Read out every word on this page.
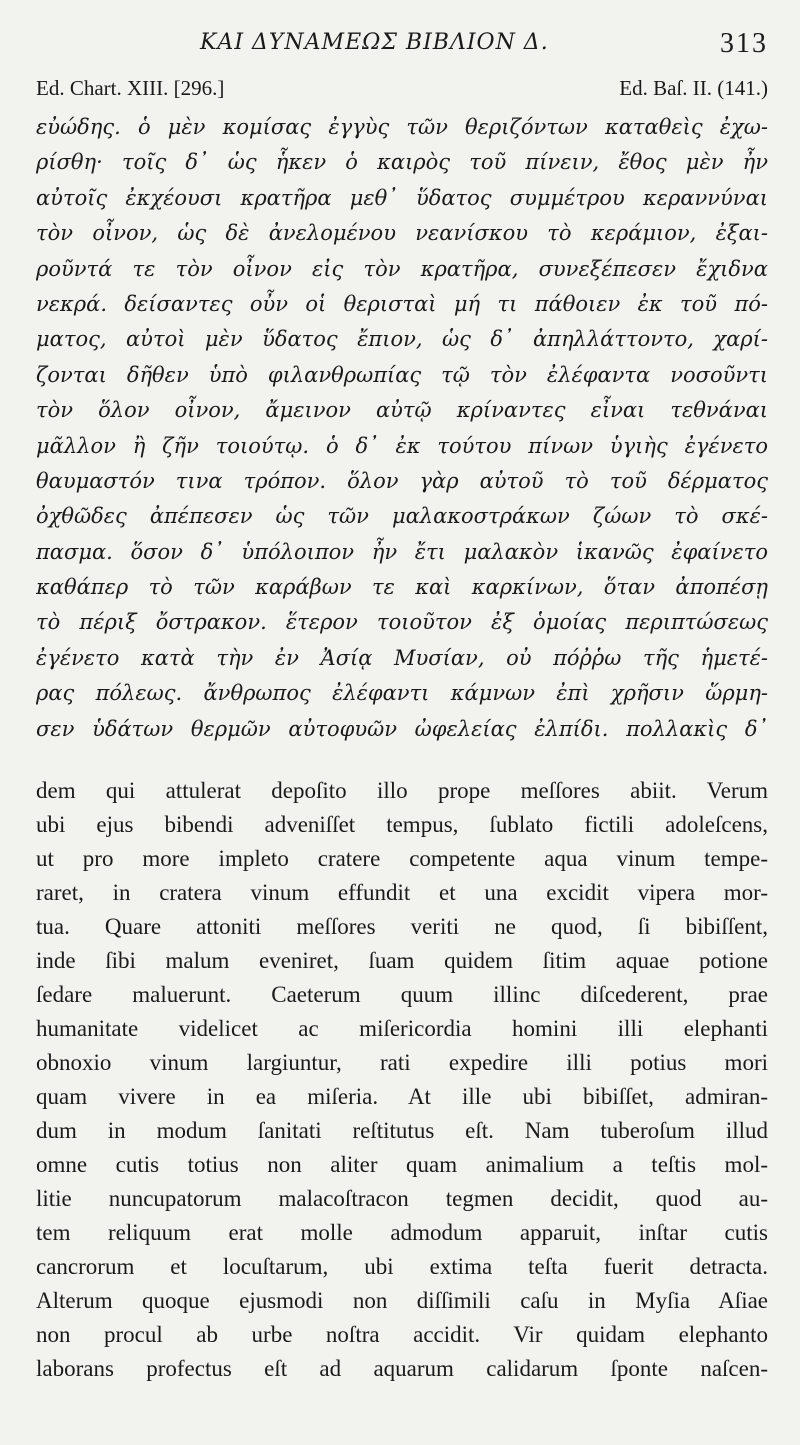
ΚΑΙ ΔΥΝΑΜΕΩΣ ΒΙΒΛΙΟΝ Δ.	313
Ed. Chart. XIII. [296.]	Ed. Baſ. II. (141.)
εὐώδης. ὁ μὲν κομίσας ἐγγὺς τῶν θεριζόντων καταθεὶς ἐχω-
ρίσθη· τοῖς δ᾽ ὡς ἧκεν ὁ καιρὸς τοῦ πίνειν, ἔθος μὲν ἦν
αὐτοῖς ἐκχέουσι κρατῆρα μεθ᾽ ὕδατος συμμέτρου κεραννύναι
τὸν οἶνον, ὡς δὲ ἀνελομένου νεανίσκου τὸ κεράμιον, ἐξαι-
ροῦντά τε τὸν οἶνον εἰς τὸν κρατῆρα, συνεξέπεσεν ἔχιδνα
νεκρά. δείσαντες οὖν οἱ θερισταὶ μή τι πάθοιεν ἐκ τοῦ πό-
ματος, αὐτοὶ μὲν ὕδατος ἔπιον, ὡς δ᾽ ἀπηλλάττοντο, χαρί-
ζονται δῆθεν ὑπὸ φιλανθρωπίας τῷ τὸν ἐλέφαντα νοσοῦντι
τὸν ὅλον οἶνον, ἄμεινον αὐτῷ κρίναντες εἶναι τεθνάναι
μᾶλλον ἢ ζῆν τοιούτῳ. ὁ δ᾽ ἐκ τούτου πίνων ὑγιὴς ἐγένετο
θαυμαστόν τινα τρόπον. ὅλον γὰρ αὐτοῦ τὸ τοῦ δέρματος
ὀχθῶδες ἀπέπεσεν ὡς τῶν μαλακοστράκων ζώων τὸ σκέ-
πασμα. ὅσον δ᾽ ὑπόλοιπον ἦν ἔτι μαλακὸν ἱκανῶς ἐφαίνετο
καθάπερ τὸ τῶν καράβων τε καὶ καρκίνων, ὅταν ἀποπέσῃ
τὸ πέριξ ὄστρακον. ἕτερον τοιοῦτον ἐξ ὁμοίας περιπτώσεως
ἐγένετο κατὰ τὴν ἐν Ἀσίᾳ Μυσίαν, οὐ πόῤῥω τῆς ἡμετέ-
ρας πόλεως. ἄνθρωπος ἐλέφαντι κάμνων ἐπὶ χρῆσιν ὥρμη-
σεν ὑδάτων θερμῶν αὐτοφυῶν ὠφελείας ἐλπίδι. πολλακὶς δ᾽
dem qui attulerat depoſito illo prope meſſores abiit. Verum
ubi ejus bibendi adveniſſet tempus, ſublato fictili adoleſcens,
ut pro more impleto cratere competente aqua vinum tempe-
raret, in cratera vinum effundit et una excidit vipera mor-
tua. Quare attoniti meſſores veriti ne quod, ſi bibiſſent,
inde ſibi malum eveniret, ſuam quidem ſitim aquae potione
ſedare maluerunt. Caeterum quum illinc diſcederent, prae
humanitate videlicet ac miſericordia homini illi elephanti
obnoxio vinum largiuntur, rati expedire illi potius mori
quam vivere in ea miſeria. At ille ubi bibiſſet, admiran-
dum in modum ſanitati reſtitutus eſt. Nam tuberoſum illud
omne cutis totius non aliter quam animalium a teſtis mol-
litie nuncupatorum malacoſtracon tegmen decidit, quod au-
tem reliquum erat molle admodum apparuit, inſtar cutis
cancrorum et locuſtarum, ubi extima teſta fuerit detracta.
Alterum quoque ejusmodi non diſſimili caſu in Myſia Aſiae
non procul ab urbe noſtra accidit. Vir quidam elephanto
laborans profectus eſt ad aquarum calidarum ſponte naſcen-
